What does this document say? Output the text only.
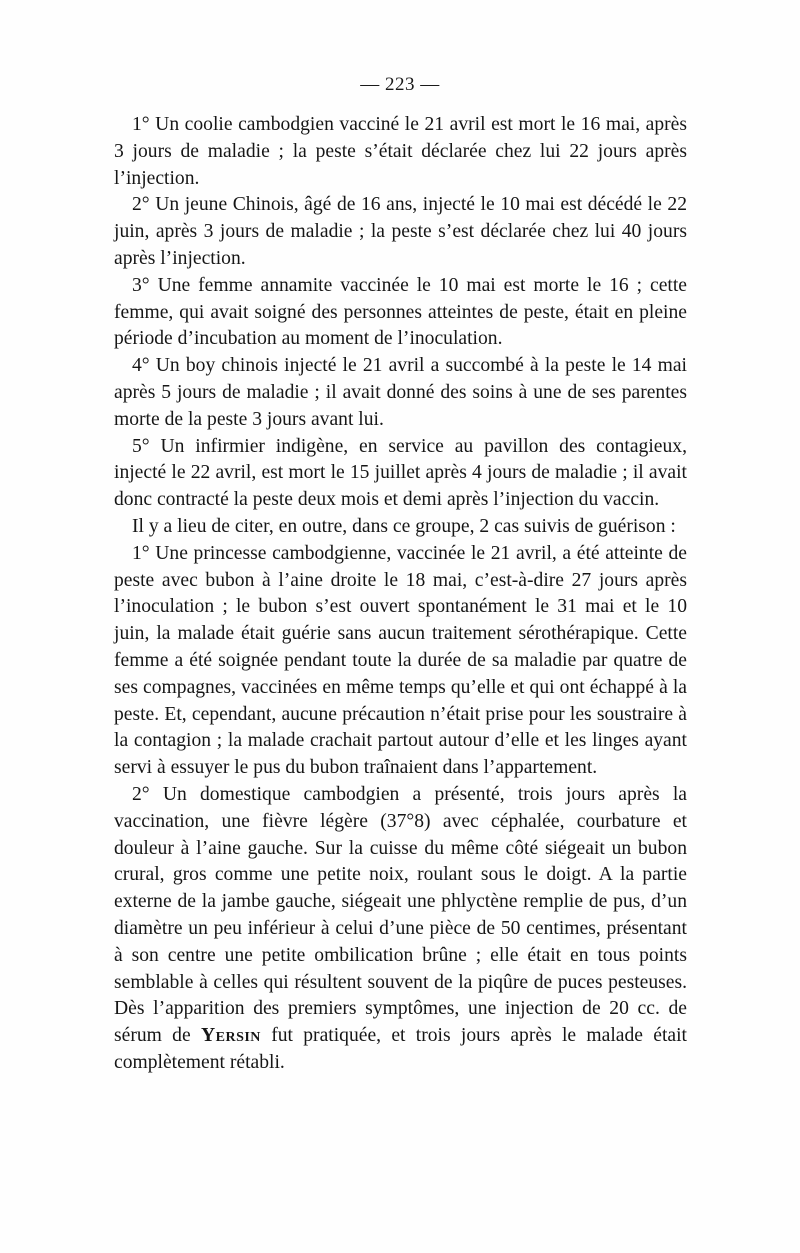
— 223 —

1° Un coolie cambodgien vacciné le 21 avril est mort le 16 mai, après 3 jours de maladie ; la peste s’était déclarée chez lui 22 jours après l’injection.

2° Un jeune Chinois, âgé de 16 ans, injecté le 10 mai est décédé le 22 juin, après 3 jours de maladie ; la peste s’est déclarée chez lui 40 jours après l’injection.

3° Une femme annamite vaccinée le 10 mai est morte le 16 ; cette femme, qui avait soigné des personnes atteintes de peste, était en pleine période d’incubation au moment de l’inoculation.

4° Un boy chinois injecté le 21 avril a succombé à la peste le 14 mai après 5 jours de maladie ; il avait donné des soins à une de ses parentes morte de la peste 3 jours avant lui.

5° Un infirmier indigène, en service au pavillon des contagieux, injecté le 22 avril, est mort le 15 juillet après 4 jours de maladie ; il avait donc contracté la peste deux mois et demi après l’injection du vaccin.

Il y a lieu de citer, en outre, dans ce groupe, 2 cas suivis de guérison :

1° Une princesse cambodgienne, vaccinée le 21 avril, a été atteinte de peste avec bubon à l’aine droite le 18 mai, c’est-à-dire 27 jours après l’inoculation ; le bubon s’est ouvert spontanément le 31 mai et le 10 juin, la malade était guérie sans aucun traitement sérothérapique. Cette femme a été soignée pendant toute la durée de sa maladie par quatre de ses compagnes, vaccinées en même temps qu’elle et qui ont échappé à la peste. Et, cependant, aucune précaution n’était prise pour les soustraire à la contagion ; la malade crachait partout autour d’elle et les linges ayant servi à essuyer le pus du bubon traînaient dans l’appartement.

2° Un domestique cambodgien a présenté, trois jours après la vaccination, une fièvre légère (37°8) avec céphalée, courbature et douleur à l’aine gauche. Sur la cuisse du même côté siégeait un bubon crural, gros comme une petite noix, roulant sous le doigt. A la partie externe de la jambe gauche, siégeait une phlyctène remplie de pus, d’un diamètre un peu inférieur à celui d’une pièce de 50 centimes, présentant à son centre une petite ombilication brûne ; elle était en tous points semblable à celles qui résultent souvent de la piqûre de puces pesteuses. Dès l’apparition des premiers symptômes, une injection de 20 cc. de sérum de Yersin fut pratiquée, et trois jours après le malade était complètement rétabli.
